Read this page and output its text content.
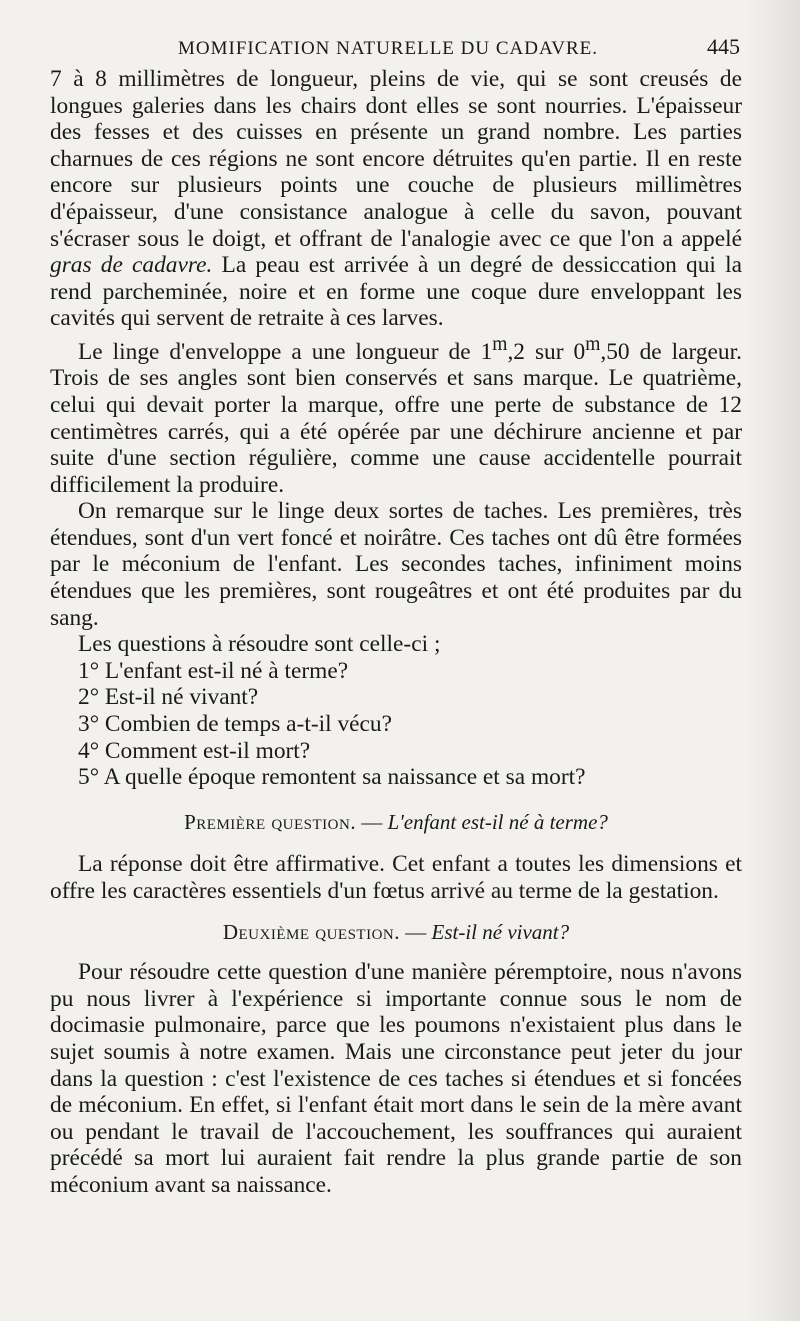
MOMIFICATION NATURELLE DU CADAVRE.	445

7 à 8 millimètres de longueur, pleins de vie, qui se sont creusés de longues galeries dans les chairs dont elles se sont nourries. L'épaisseur des fesses et des cuisses en présente un grand nombre. Les parties charnues de ces régions ne sont encore détruites qu'en partie. Il en reste encore sur plusieurs points une couche de plusieurs millimètres d'épaisseur, d'une consistance analogue à celle du savon, pouvant s'écraser sous le doigt, et offrant de l'analogie avec ce que l'on a appelé gras de cadavre. La peau est arrivée à un degré de dessiccation qui la rend parcheminée, noire et en forme une coque dure enveloppant les cavités qui servent de retraite à ces larves.

Le linge d'enveloppe a une longueur de 1$^m$,2 sur 0$^m$,50 de largeur. Trois de ses angles sont bien conservés et sans marque. Le quatrième, celui qui devait porter la marque, offre une perte de substance de 12 centimètres carrés, qui a été opérée par une déchirure ancienne et par suite d'une section régulière, comme une cause accidentelle pourrait difficilement la produire.

On remarque sur le linge deux sortes de taches. Les premières, très étendues, sont d'un vert foncé et noirâtre. Ces taches ont dû être formées par le méconium de l'enfant. Les secondes taches, infiniment moins étendues que les premières, sont rougeâtres et ont été produites par du sang.

Les questions à résoudre sont celle-ci ;

1° L'enfant est-il né à terme?
2° Est-il né vivant?
3° Combien de temps a-t-il vécu?
4° Comment est-il mort?
5° A quelle époque remontent sa naissance et sa mort?
Première question. — L'enfant est-il né à terme?

La réponse doit être affirmative. Cet enfant a toutes les dimensions et offre les caractères essentiels d'un fœtus arrivé au terme de la gestation.

Deuxième question. — Est-il né vivant?

Pour résoudre cette question d'une manière péremptoire, nous n'avons pu nous livrer à l'expérience si importante connue sous le nom de docimasie pulmonaire, parce que les poumons n'existaient plus dans le sujet soumis à notre examen. Mais une circonstance peut jeter du jour dans la question : c'est l'existence de ces taches si étendues et si foncées de méconium. En effet, si l'enfant était mort dans le sein de la mère avant ou pendant le travail de l'accouchement, les souffrances qui auraient précédé sa mort lui auraient fait rendre la plus grande partie de son méconium avant sa naissance.
